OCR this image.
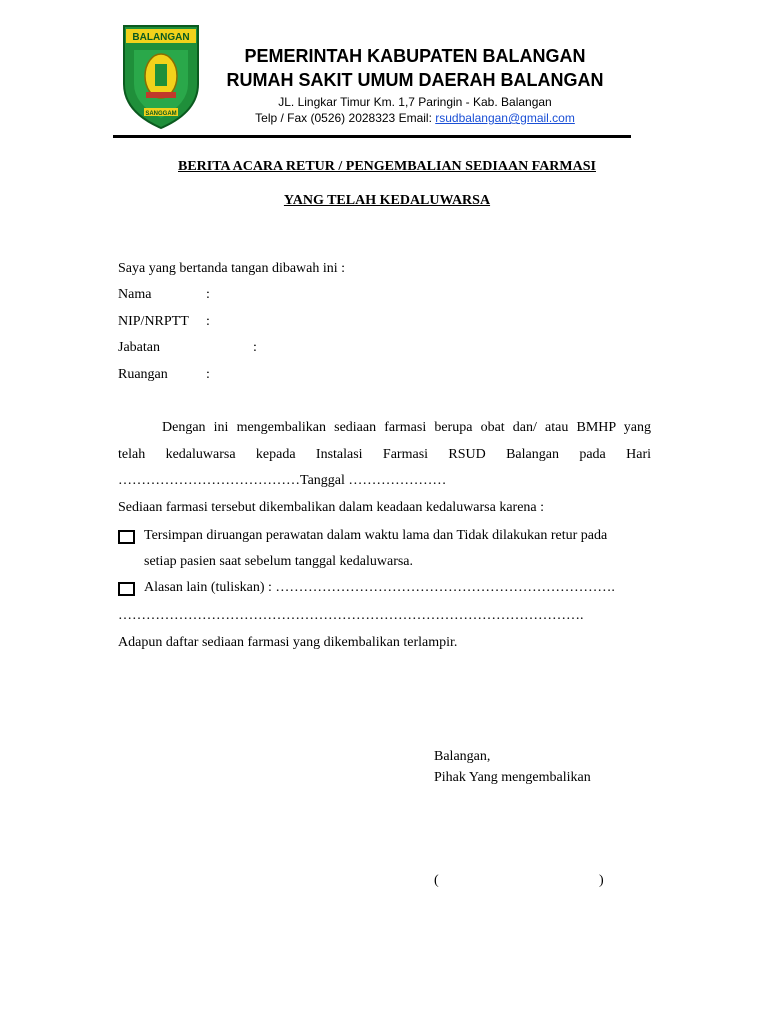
BALANGAN
SANGGAM
PEMERINTAH KABUPATEN BALANGAN
RUMAH SAKIT UMUM DAERAH BALANGAN
JL. Lingkar Timur Km. 1,7 Paringin - Kab. Balangan
Telp / Fax (0526) 2028323 Email: rsudbalangan@gmail.com
BERITA ACARA RETUR / PENGEMBALIAN SEDIAAN FARMASI
YANG TELAH KEDALUWARSA
Saya yang bertanda tangan dibawah ini :
Nama	:
NIP/NRPTT :
Jabatan	:
Ruangan	:
Dengan ini mengembalikan sediaan farmasi berupa obat dan/ atau BMHP yang
telah kedaluwarsa kepada Instalasi Farmasi RSUD Balangan pada Hari
…………………………………Tanggal …………………
Sediaan farmasi tersebut dikembalikan dalam keadaan kedaluwarsa karena :
Tersimpan diruangan perawatan dalam waktu lama dan Tidak dilakukan retur pada
setiap pasien saat sebelum tanggal kedaluwarsa.
Alasan lain (tuliskan) : ……………………………………………………………….
……………………………………………………………………………………….
Adapun daftar sediaan farmasi yang dikembalikan terlampir.
Balangan,
Pihak Yang mengembalikan
(	)
